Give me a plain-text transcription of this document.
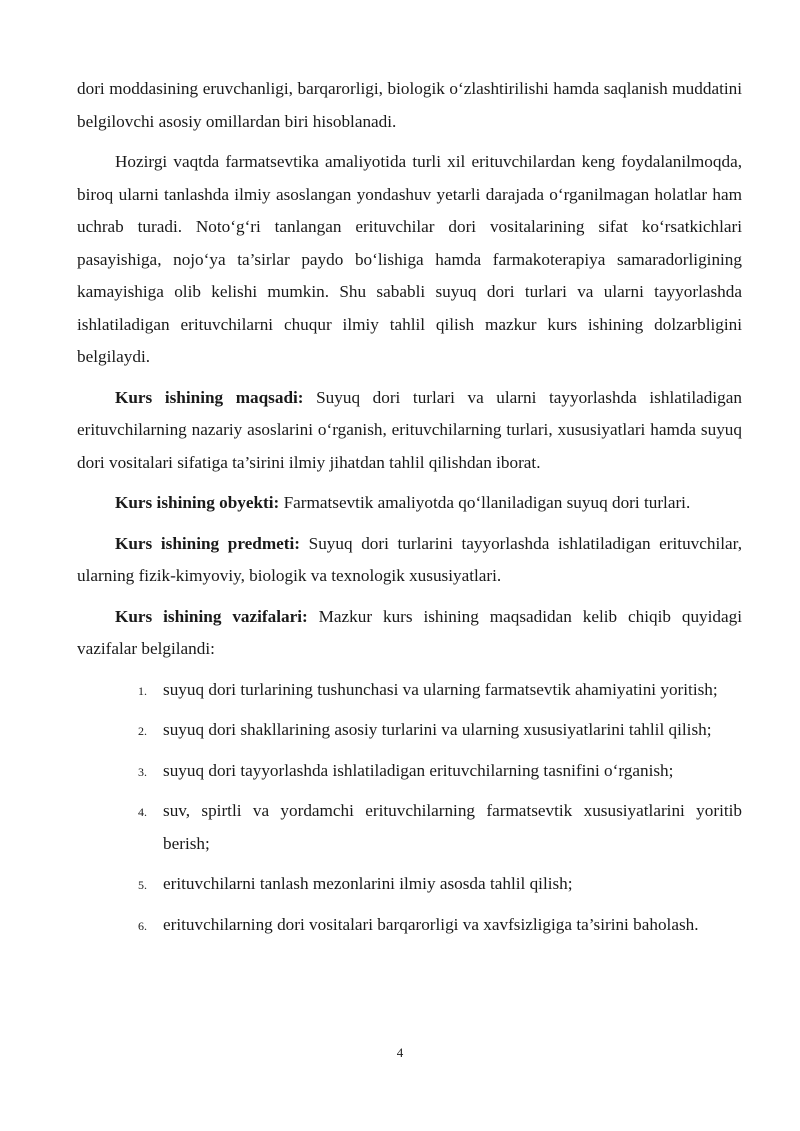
dori moddasining eruvchanligi, barqarorligi, biologik o‘zlashtirilishi hamda saqlanish muddatini belgilovchi asosiy omillardan biri hisoblanadi.

Hozirgi vaqtda farmatsevtika amaliyotida turli xil erituvchilardan keng foydalanilmoqda, biroq ularni tanlashda ilmiy asoslangan yondashuv yetarli darajada o‘rganilmagan holatlar ham uchrab turadi. Noto‘g‘ri tanlangan erituvchilar dori vositalarining sifat ko‘rsatkichlari pasayishiga, nojo‘ya ta’sirlar paydo bo‘lishiga hamda farmakoterapiya samaradorligining kamayishiga olib kelishi mumkin. Shu sababli suyuq dori turlari va ularni tayyorlashda ishlatiladigan erituvchilarni chuqur ilmiy tahlil qilish mazkur kurs ishining dolzarbligini belgilaydi.

Kurs ishining maqsadi: Suyuq dori turlari va ularni tayyorlashda ishlatiladigan erituvchilarning nazariy asoslarini o‘rganish, erituvchilarning turlari, xususiyatlari hamda suyuq dori vositalari sifatiga ta’sirini ilmiy jihatdan tahlil qilishdan iborat.

Kurs ishining obyekti: Farmatsevtik amaliyotda qo‘llaniladigan suyuq dori turlari.

Kurs ishining predmeti: Suyuq dori turlarini tayyorlashda ishlatiladigan erituvchilar, ularning fizik-kimyoviy, biologik va texnologik xususiyatlari.

Kurs ishining vazifalari: Mazkur kurs ishining maqsadidan kelib chiqib quyidagi vazifalar belgilandi:

1. suyuq dori turlarining tushunchasi va ularning farmatsevtik ahamiyatini yoritish;
2. suyuq dori shakllarining asosiy turlarini va ularning xususiyatlarini tahlil qilish;
3. suyuq dori tayyorlashda ishlatiladigan erituvchilarning tasnifini o‘rganish;
4. suv, spirtli va yordamchi erituvchilarning farmatsevtik xususiyatlarini yoritib berish;
5. erituvchilarni tanlash mezonlarini ilmiy asosda tahlil qilish;
6. erituvchilarning dori vositalari barqarorligi va xavfsizligiga ta’sirini baholash.
4
